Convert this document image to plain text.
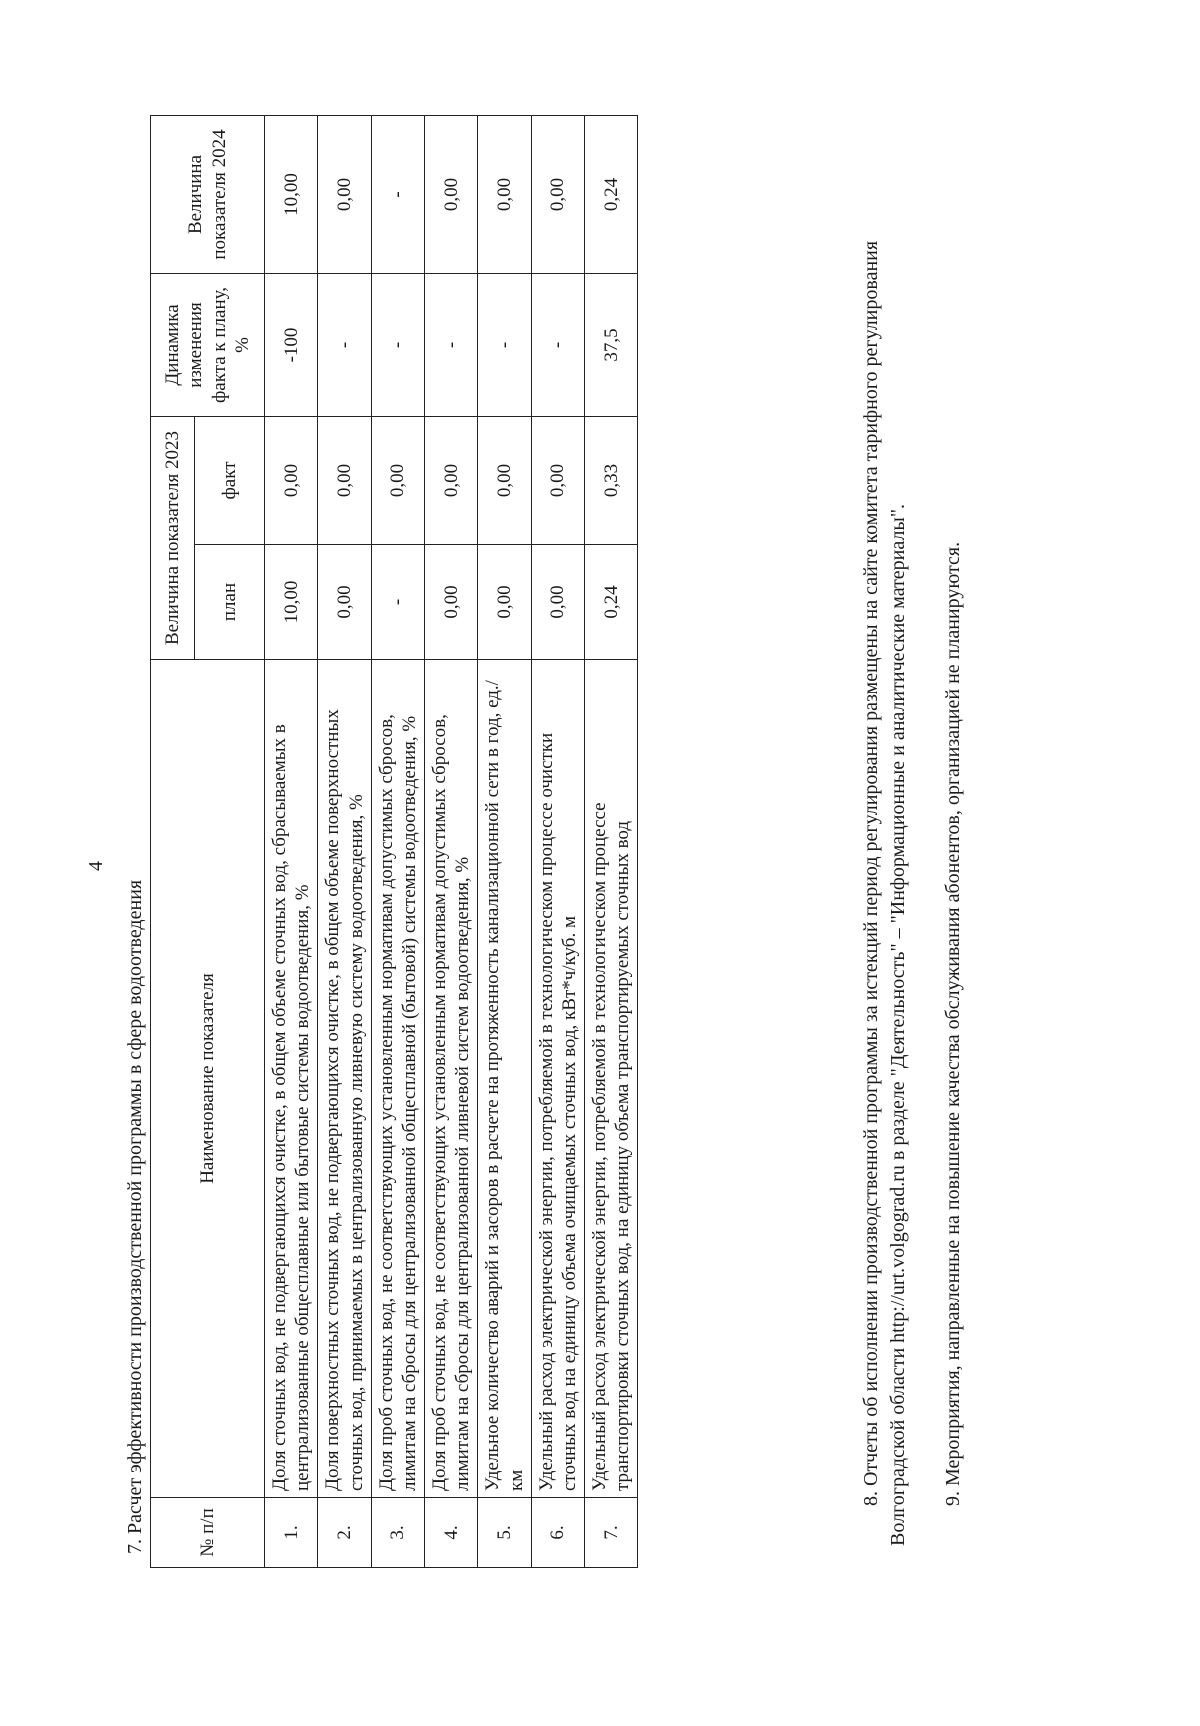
4
7. Расчет эффективности производственной программы в сфере водоотведения	№ п/п	Наименование показателя	Величина показателя 2023		Динамика изменения факта к плану, %	Величина показателя 2024
		план	факт		
1.	Доля сточных вод, не подвергающихся очистке, в общем объеме сточных вод, сбрасываемых в централизованные общесплавные или бытовые системы водоотведения, %	10,00	0,00	-100	10,00
2.	Доля поверхностных сточных вод, не подвергающихся очистке, в общем объеме поверхностных сточных вод, принимаемых в централизованную ливневую систему водоотведения, %	0,00	0,00	-	0,00
3.	Доля проб сточных вод, не соответствующих установленным нормативам допустимых сбросов, лимитам на сбросы для централизованной общесплавной (бытовой) системы водоотведения, %	-	0,00	-	-
4.	Доля проб сточных вод, не соответствующих установленным нормативам допустимых сбросов, лимитам на сбросы для централизованной ливневой систем водоотведения, %	0,00	0,00	-	0,00
5.	Удельное количество аварий и засоров в расчете на протяженность канализационной сети в год, ед./км	0,00	0,00	-	0,00
6.	Удельный расход электрической энергии, потребляемой в технологическом процессе очистки сточных вод на единицу объема очищаемых сточных вод, кВт*ч/куб. м	0,00	0,00	-	0,00
7.	Удельный расход электрической энергии, потребляемой в технологическом процессе транспортировки сточных вод, на единицу объема транспортируемых сточных вод	0,24	0,33	37,5	0,24

8. Отчеты об исполнении производственной программы за истекций период регулирования размещены на сайте комитета тарифного регулирования Волгоградской области http://urt.volgograd.ru в разделе "Деятельность" – "Информационные и аналитические материалы". 9. Мероприятия, направленные на повышение качества обслуживания абонентов, организацией не планируются.
